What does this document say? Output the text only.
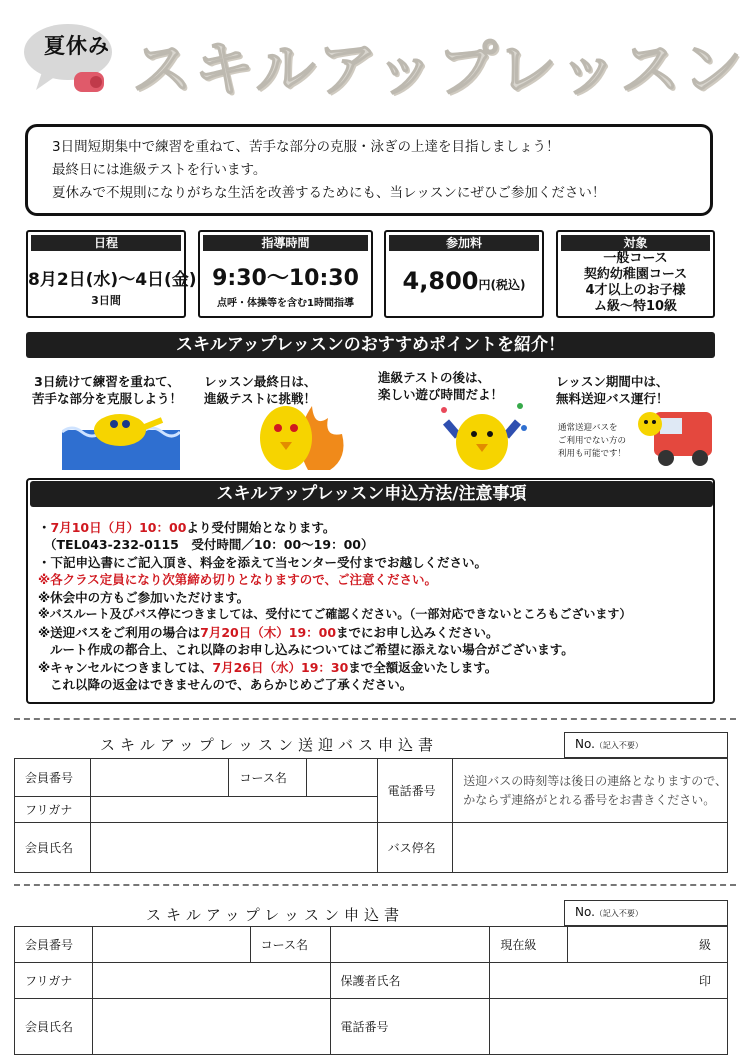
夏休み スキルアップレッスン
3日間短期集中で練習を重ねて、苦手な部分の克服・泳ぎの上達を目指しましょう！
最終日には進級テストを行います。
夏休みで不規則になりがちな生活を改善するためにも、当レッスンにぜひご参加ください！
日程
8月2日(水)～4日(金)
3日間
指導時間
9:30～10:30
点呼・体操等を含む1時間指導
参加料
4,800円(税込)
対象
一般コース
契約幼稚園コース
4才以上のお子様
ム級～特10級
スキルアップレッスンのおすすめポイントを紹介！
3日続けて練習を重ねて、
苦手な部分を克服しよう！
レッスン最終日は、
進級テストに挑戦！
進級テストの後は、
楽しい遊び時間だよ！
レッスン期間中は、
無料送迎バス運行！
通常送迎バスを
ご利用でない方の
利用も可能です！
スキルアップレッスン申込方法/注意事項
・7月10日（月）10：00より受付開始となります。
（TEL043-232-0115　受付時間／10：00～19：00）
・下記申込書にご記入頂き、料金を添えて当センター受付までお越しください。
※各クラス定員になり次第締め切りとなりますので、ご注意ください。
※休会中の方もご参加いただけます。
※バスルート及びバス停につきましては、受付にてご確認ください。（一部対応できないところもございます）
※送迎バスをご利用の場合は7月20日（木）19：00までにお申し込みください。
ルート作成の都合上、これ以降のお申し込みについてはご希望に添えない場合がございます。
※キャンセルにつきましては、7月26日（水）19：30まで全額返金いたします。
これ以降の返金はできませんので、あらかじめご了承ください。
スキルアップレッスン送迎バス申込書	No.（記入不要）
会員番号		コース名		電話番号	送迎バスの時刻等は後日の連絡となりますので、
かならず連絡がとれる番号をお書きください。

フリガナ					
会員氏名				バス停名	
スキルアップレッスン申込書	No.（記入不要）
会員番号		コース名		現在級	級
フリガナ			保護者氏名	印	
会員氏名			電話番号		
